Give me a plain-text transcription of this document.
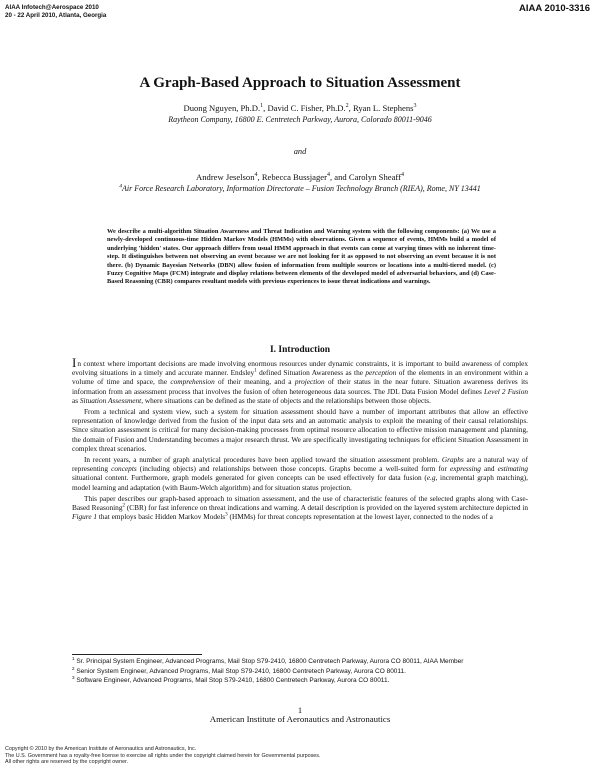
AIAA Infotech@Aerospace 2010
20 - 22 April 2010, Atlanta, Georgia
AIAA 2010-3316
A Graph-Based Approach to Situation Assessment
Duong Nguyen, Ph.D.$^1$, David C. Fisher, Ph.D.$^2$, Ryan L. Stephens$^3$
Raytheon Company, 16800 E. Centretech Parkway, Aurora, Colorado 80011-9046
and
Andrew Jeselson$^4$, Rebecca Bussjager$^4$, and Carolyn Sheaff$^4$
$^4$Air Force Research Laboratory, Information Directorate – Fusion Technology Branch (RIEA), Rome, NY 13441

We describe a multi-algorithm Situation Awareness and Threat Indication and Warning system with the following components: (a) We use a newly-developed continuous-time Hidden Markov Models (HMMs) with observations. Given a sequence of events, HMMs build a model of underlying 'hidden' states. Our approach differs from usual HMM approach in that events can come at varying times with no inherent time-step. It distinguishes between not observing an event because we are not looking for it as opposed to not observing an event because it is not there. (b) Dynamic Bayesian Networks (DBN) allow fusion of information from multiple sources or locations into a multi-tiered model. (c) Fuzzy Cognitive Maps (FCM) integrate and display relations between elements of the developed model of adversarial behaviors, and (d) Case-Based Reasoning (CBR) compares resultant models with previous experiences to issue threat indications and warnings.

I. Introduction

In context where important decisions are made involving enormous resources under dynamic constraints, it is important to build awareness of complex evolving situations in a timely and accurate manner. Endsley$^1$ defined Situation Awareness as the perception of the elements in an environment within a volume of time and space, the comprehension of their meaning, and a projection of their status in the near future. Situation awareness derives its information from an assessment process that involves the fusion of often heterogeneous data sources. The JDL Data Fusion Model defines Level 2 Fusion as Situation Assessment, where situations can be defined as the state of objects and the relationships between those objects.

From a technical and system view, such a system for situation assessment should have a number of important attributes that allow an effective representation of knowledge derived from the fusion of the input data sets and an automatic analysis to exploit the meaning of their causal relationships. Since situation assessment is critical for many decision-making processes from optimal resource allocation to effective mission management and planning, the domain of Fusion and Understanding becomes a major research thrust. We are specifically investigating techniques for efficient Situation Assessment in complex threat scenarios.

In recent years, a number of graph analytical procedures have been applied toward the situation assessment problem. Graphs are a natural way of representing concepts (including objects) and relationships between those concepts. Graphs become a well-suited form for expressing and estimating situational content. Furthermore, graph models generated for given concepts can be used effectively for data fusion (e.g, incremental graph matching), model learning and adaptation (with Baum-Welch algorithm) and for situation status projection.

This paper describes our graph-based approach to situation assessment, and the use of characteristic features of the selected graphs along with Case-Based Reasoning$^2$ (CBR) for fast inference on threat indications and warning. A detail description is provided on the layered system architecture depicted in Figure 1 that employs basic Hidden Markov Models$^3$ (HMMs) for threat concepts representation at the lowest layer, connected to the nodes of a

$^1$ Sr. Principal System Engineer, Advanced Programs, Mail Stop S79-2410, 16800 Centretech Parkway, Aurora CO 80011, AIAA Member

$^2$ Senior System Engineer, Advanced Programs, Mail Stop S79-2410, 16800 Centretech Parkway, Aurora CO 80011.

$^3$ Software Engineer, Advanced Programs, Mail Stop S79-2410, 16800 Centretech Parkway, Aurora CO 80011.

1
American Institute of Aeronautics and Astronautics
Copyright © 2010 by the American Institute of Aeronautics and Astronautics, Inc.
The U.S. Government has a royalty-free license to exercise all rights under the copyright claimed herein for Governmental purposes.
All other rights are reserved by the copyright owner.
